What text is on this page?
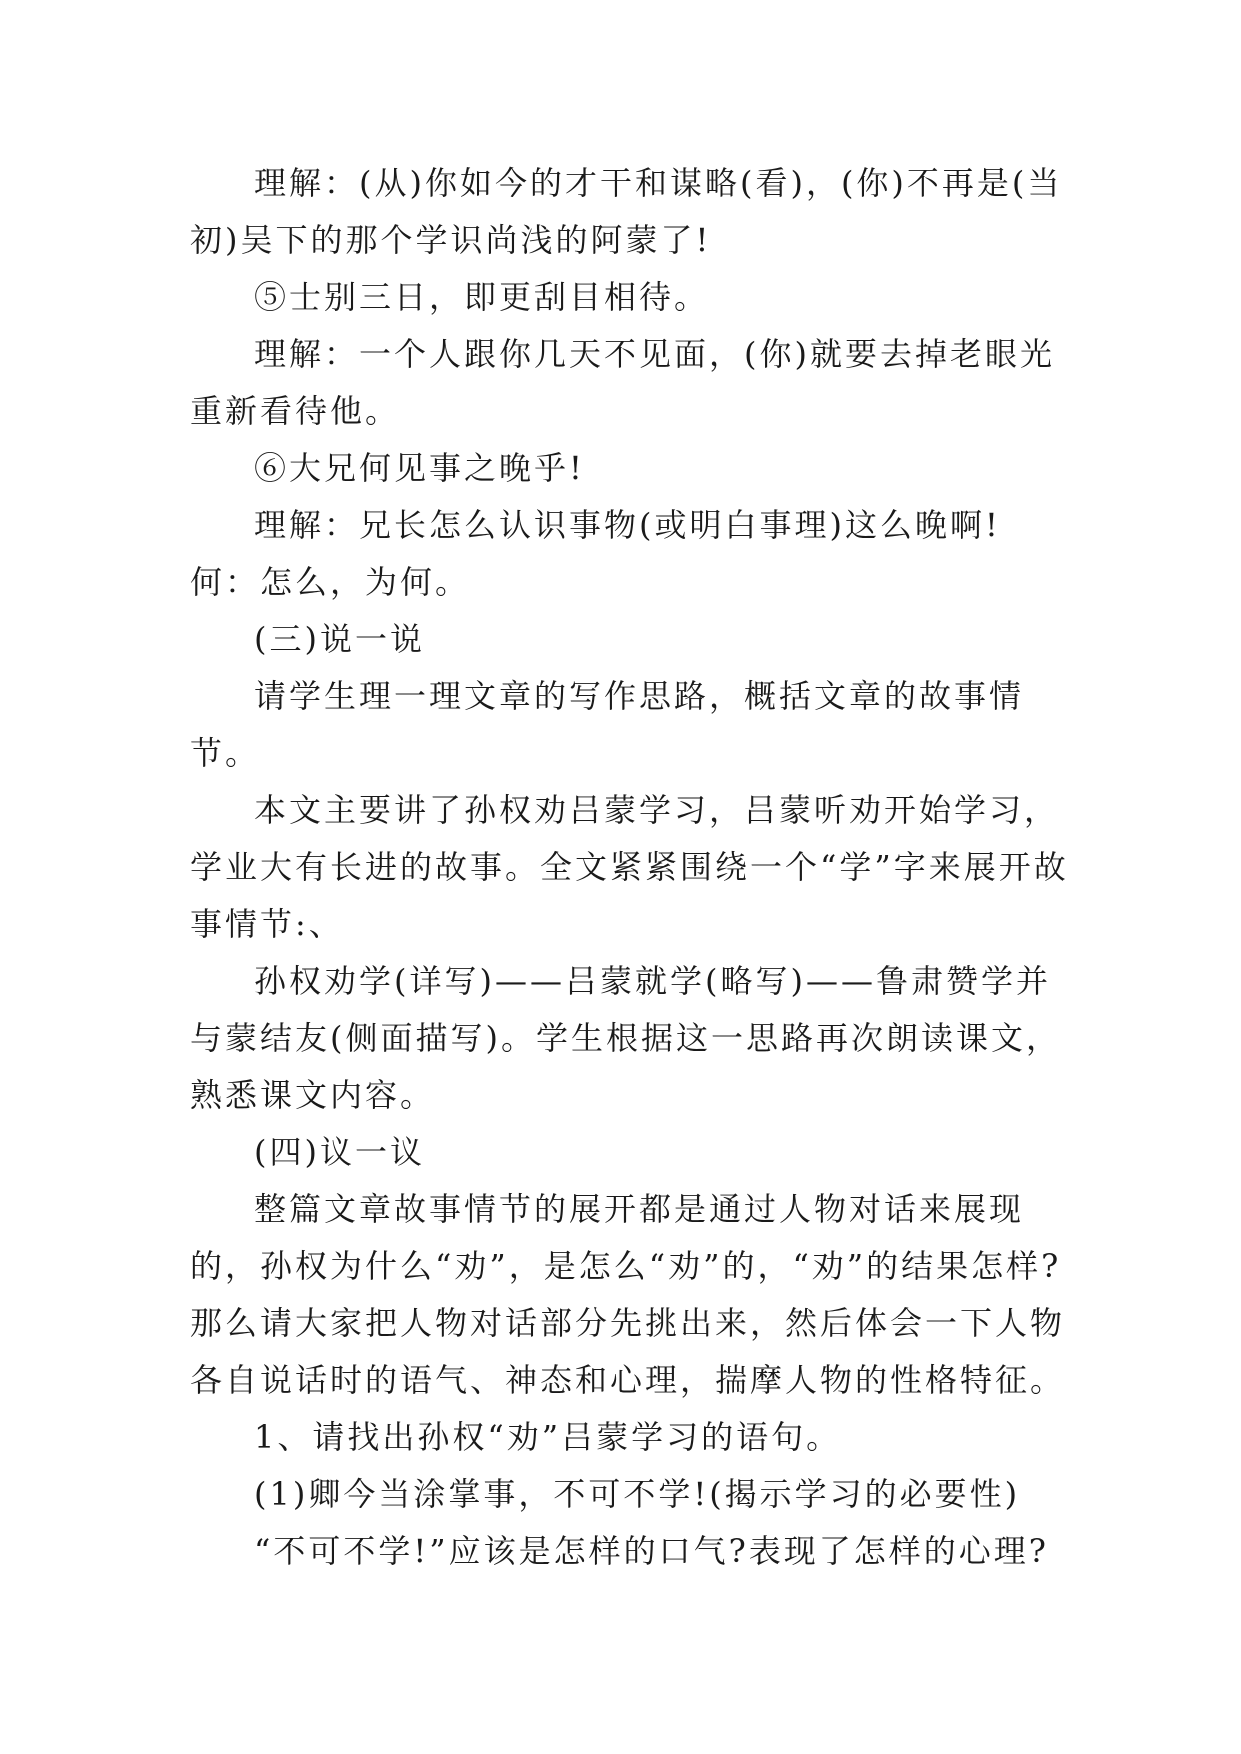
理解：(从)你如今的才干和谋略(看)，(你)不再是(当初)吴下的那个学识尚浅的阿蒙了!

⑤士别三日，即更刮目相待。

理解：一个人跟你几天不见面，(你)就要去掉老眼光重新看待他。

⑥大兄何见事之晚乎!

理解：兄长怎么认识事物(或明白事理)这么晚啊!何：怎么，为何。

(三)说一说

请学生理一理文章的写作思路，概括文章的故事情节。

本文主要讲了孙权劝吕蒙学习，吕蒙听劝开始学习，学业大有长进的故事。全文紧紧围绕一个“学”字来展开故事情节:、

孙权劝学(详写)——吕蒙就学(略写)——鲁肃赞学并与蒙结友(侧面描写)。学生根据这一思路再次朗读课文，熟悉课文内容。

(四)议一议

整篇文章故事情节的展开都是通过人物对话来展现的，孙权为什么“劝”，是怎么“劝”的，“劝”的结果怎样?那么请大家把人物对话部分先挑出来，然后体会一下人物各自说话时的语气、神态和心理，揣摩人物的性格特征。

1、请找出孙权“劝”吕蒙学习的语句。

(1)卿今当涂掌事，不可不学!(揭示学习的必要性)

“不可不学!”应该是怎样的口气?表现了怎样的心理?
